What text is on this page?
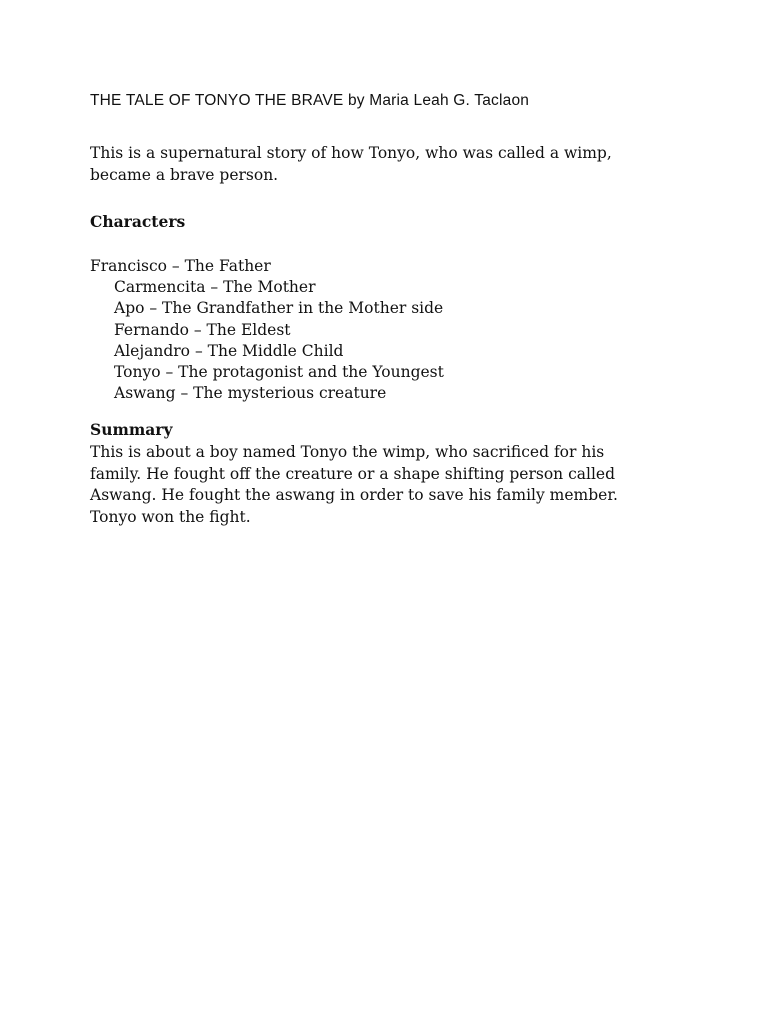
THE TALE OF TONYO THE BRAVE by Maria Leah G. Taclaon
This is a supernatural story of how Tonyo, who was called a wimp,
became a brave person.
Characters
Francisco – The Father
Carmencita – The Mother
Apo – The Grandfather in the Mother side
Fernando – The Eldest
Alejandro – The Middle Child
Tonyo – The protagonist and the Youngest
Aswang – The mysterious creature
Summary
This is about a boy named Tonyo the wimp, who sacrificed for his
family. He fought off the creature or a shape shifting person called
Aswang. He fought the aswang in order to save his family member.
Tonyo won the fight.
